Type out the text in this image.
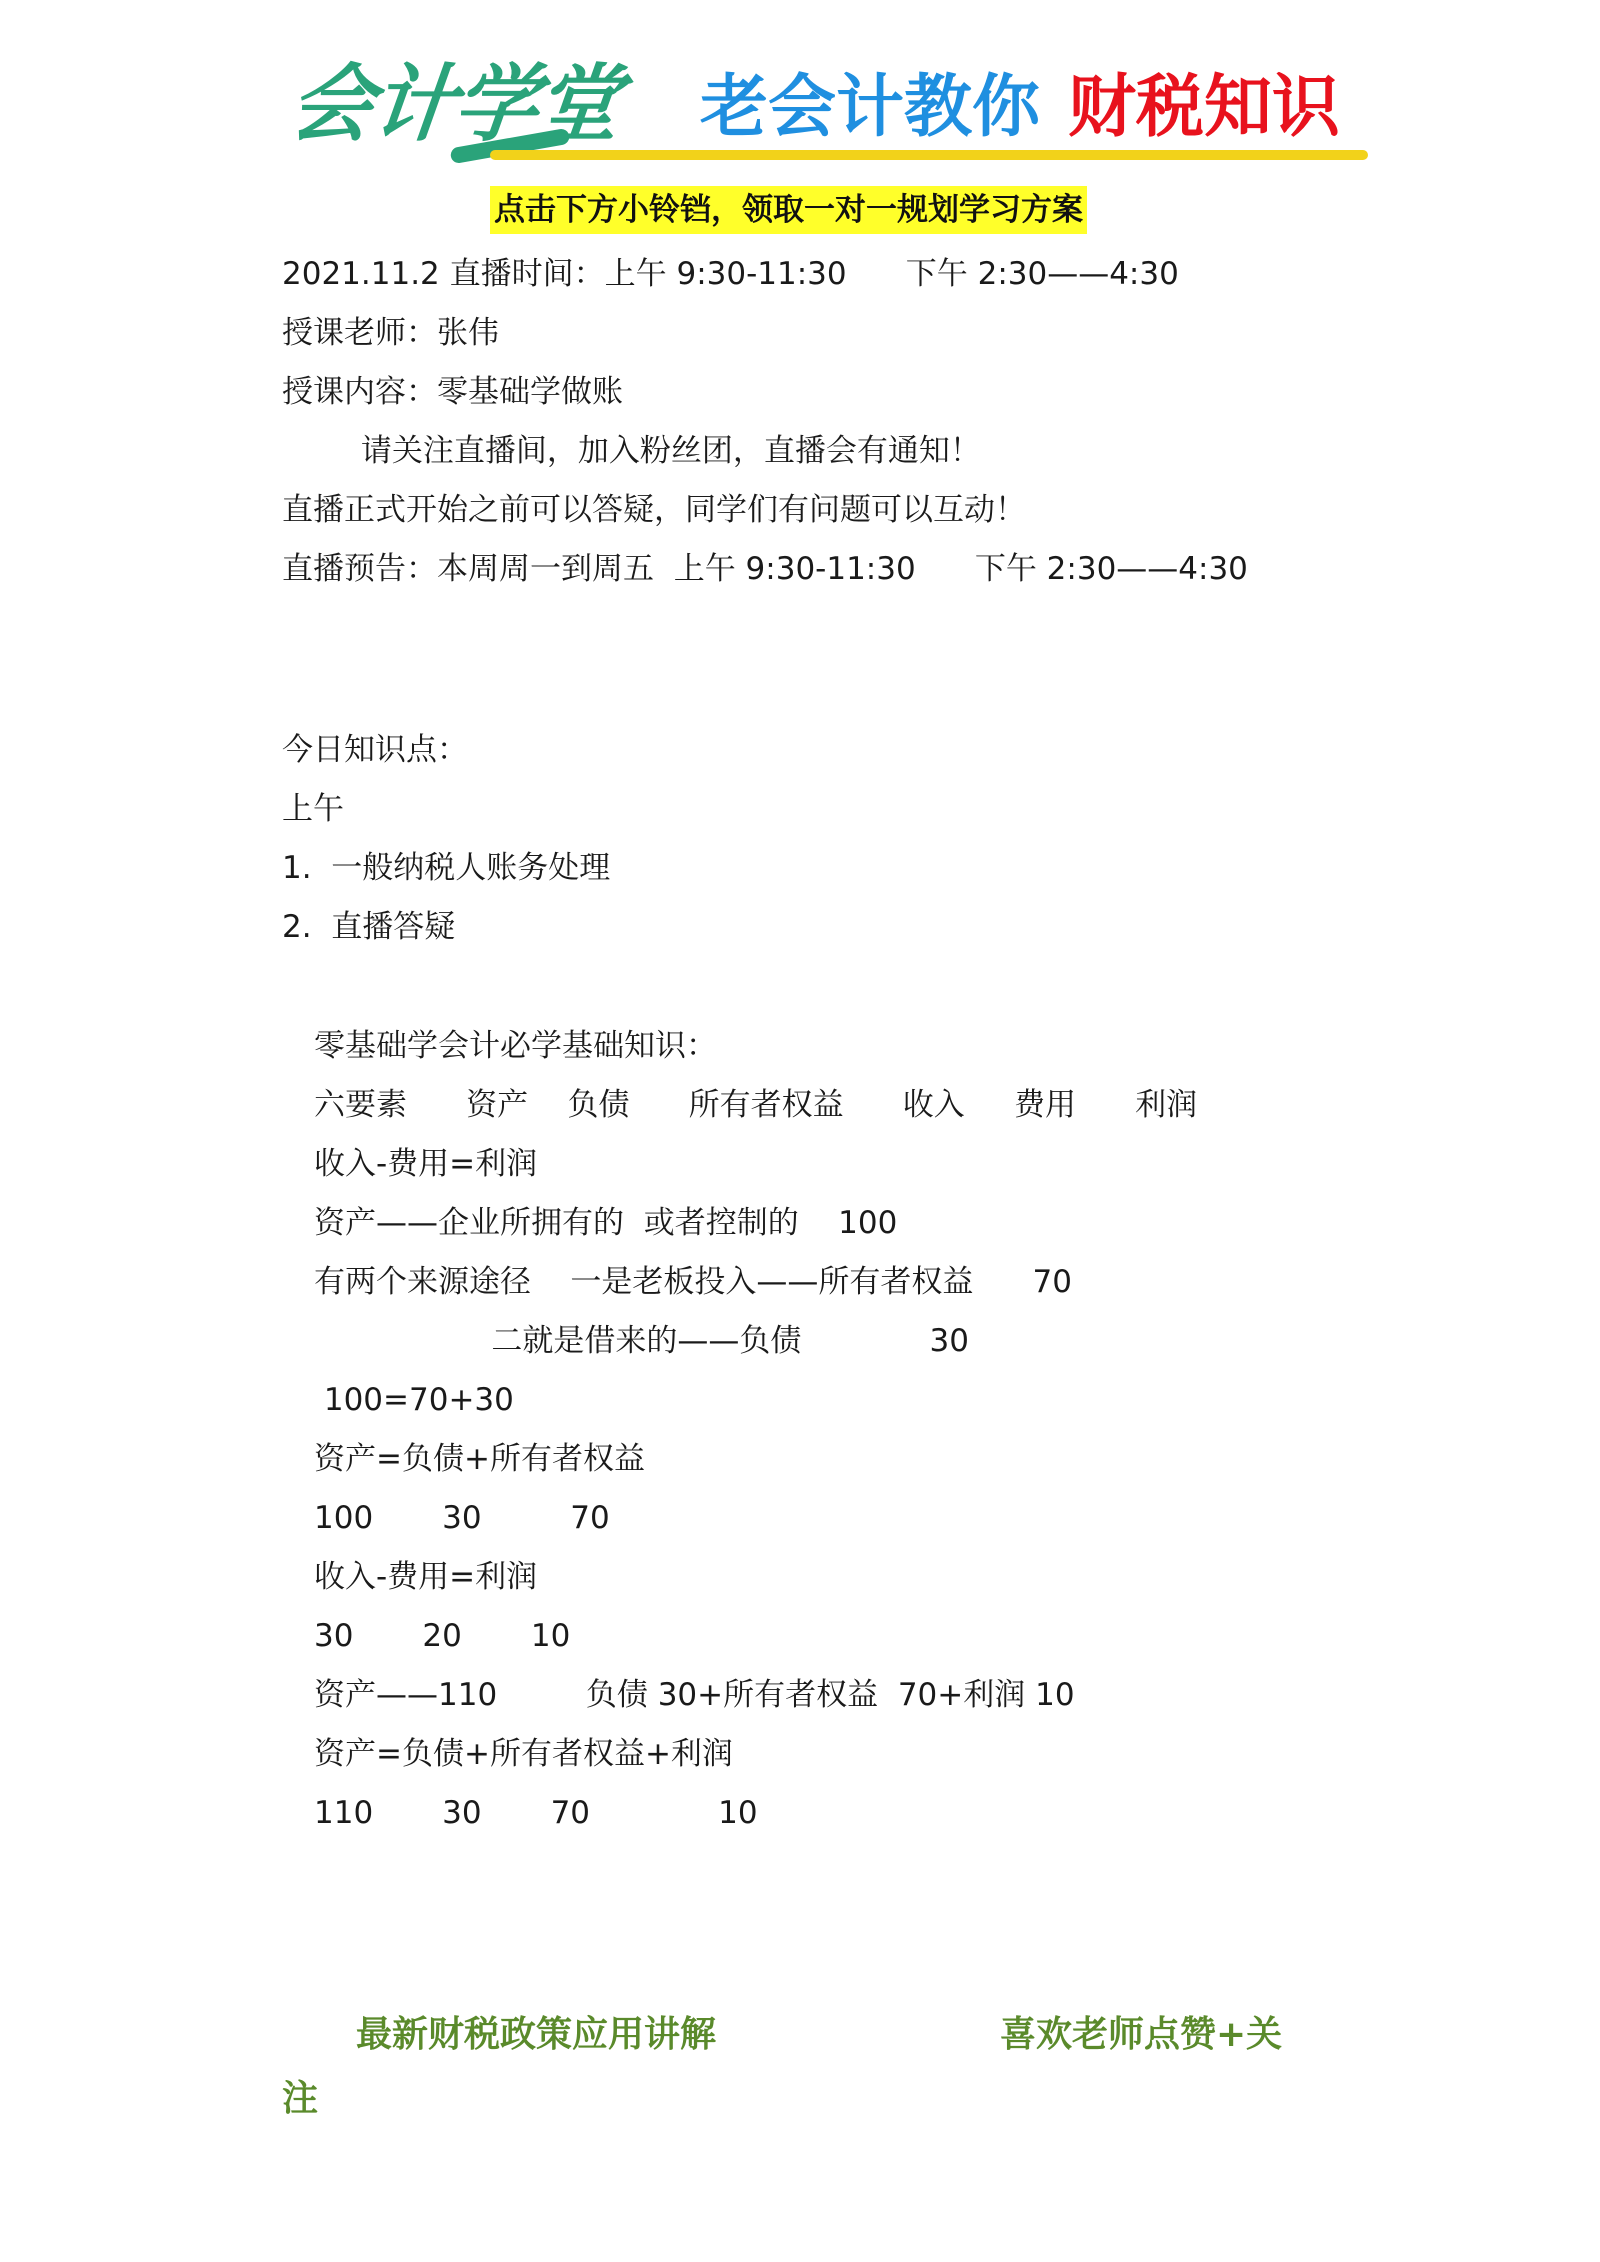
会计学堂 老会计教你 财税知识
点击下方小铃铛，领取一对一规划学习方案
2021.11.2 直播时间：上午 9:30-11:30      下午 2:30——4:30
授课老师：张伟
授课内容：零基础学做账
请关注直播间，加入粉丝团，直播会有通知！
直播正式开始之前可以答疑，同学们有问题可以互动！
直播预告：本周周一到周五  上午 9:30-11:30      下午 2:30——4:30
今日知识点：
上午
1.  一般纳税人账务处理
2.  直播答疑
零基础学会计必学基础知识：
六要素      资产    负债      所有者权益      收入     费用      利润
收入-费用=利润
资产——企业所拥有的  或者控制的    100
有两个来源途径    一是老板投入——所有者权益      70
二就是借来的——负债             30
100=70+30
资产=负债+所有者权益
100       30         70
收入-费用=利润
30       20       10
资产——110         负债 30+所有者权益  70+利润 10
资产=负债+所有者权益+利润
110       30       70             10
最新财税政策应用讲解	喜欢老师点赞+关
注
